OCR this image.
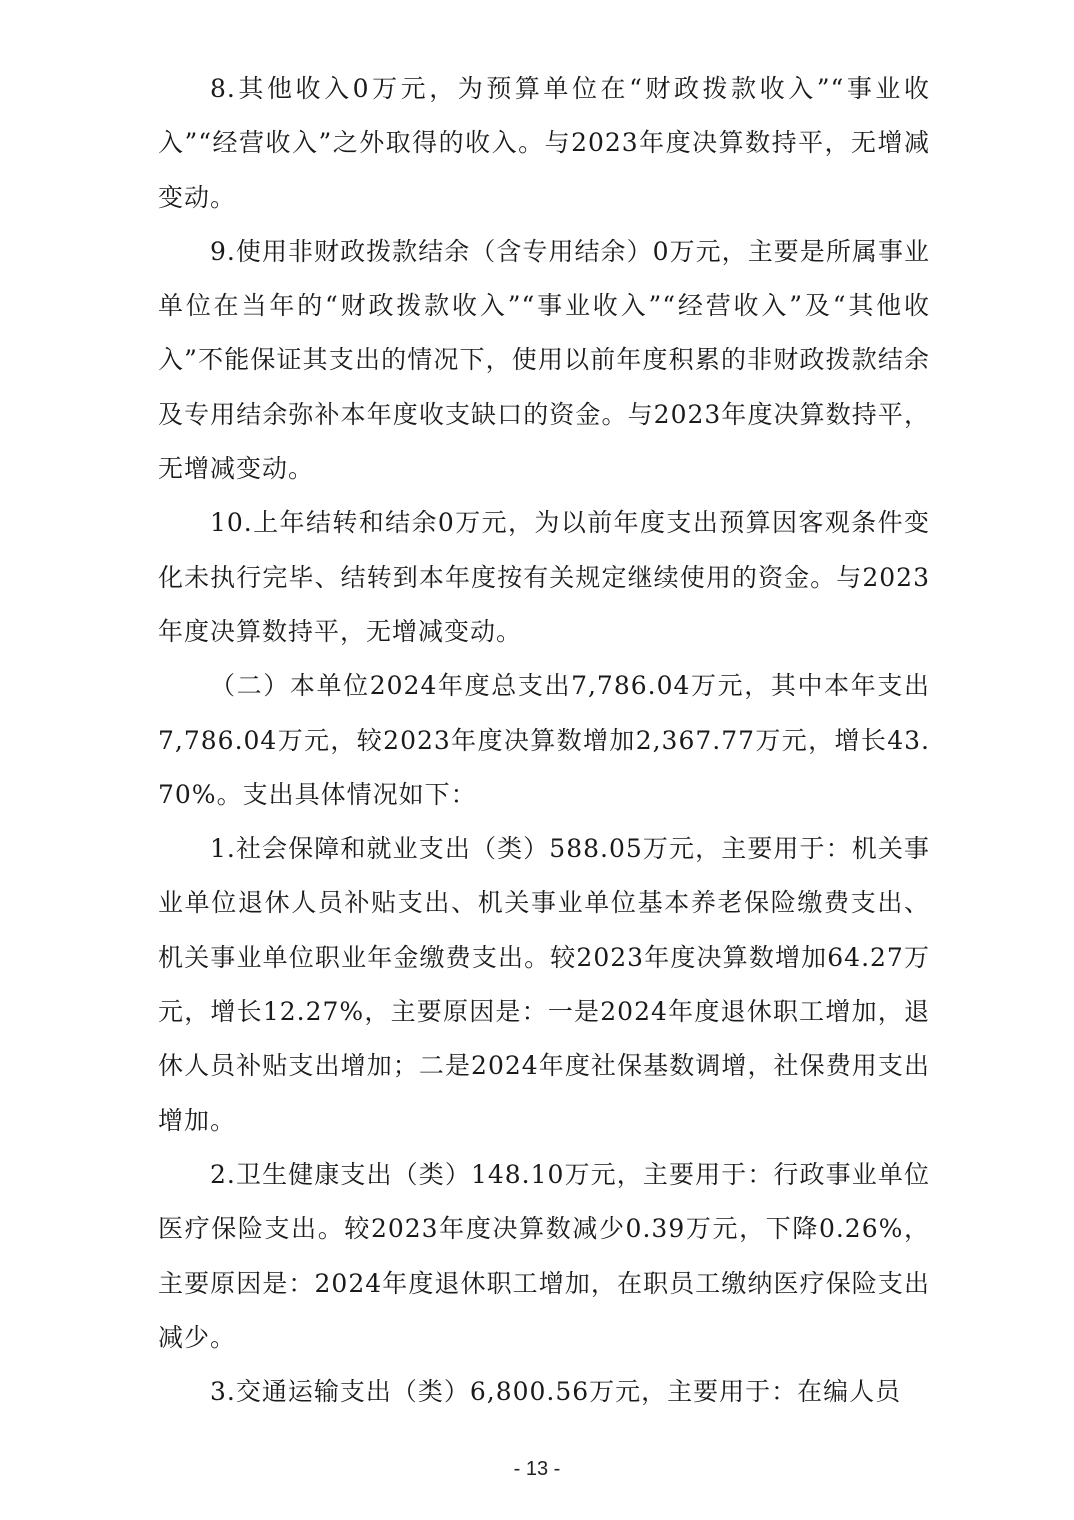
8.其他收入0万元，为预算单位在“财政拨款收入”“事业收入”“经营收入”之外取得的收入。与2023年度决算数持平，无增减变动。

9.使用非财政拨款结余（含专用结余）0万元，主要是所属事业单位在当年的“财政拨款收入”“事业收入”“经营收入”及“其他收入”不能保证其支出的情况下，使用以前年度积累的非财政拨款结余及专用结余弥补本年度收支缺口的资金。与2023年度决算数持平，无增减变动。

10.上年结转和结余0万元，为以前年度支出预算因客观条件变化未执行完毕、结转到本年度按有关规定继续使用的资金。与2023年度决算数持平，无增减变动。

（二）本单位2024年度总支出7,786.04万元，其中本年支出7,786.04万元，较2023年度决算数增加2,367.77万元，增长43.70%。支出具体情况如下：

1.社会保障和就业支出（类）588.05万元，主要用于：机关事业单位退休人员补贴支出、机关事业单位基本养老保险缴费支出、机关事业单位职业年金缴费支出。较2023年度决算数增加64.27万元，增长12.27%，主要原因是：一是2024年度退休职工增加，退休人员补贴支出增加；二是2024年度社保基数调增，社保费用支出增加。

2.卫生健康支出（类）148.10万元，主要用于：行政事业单位医疗保险支出。较2023年度决算数减少0.39万元，下降0.26%，主要原因是：2024年度退休职工增加，在职员工缴纳医疗保险支出减少。

3.交通运输支出（类）6,800.56万元，主要用于：在编人员

- 13 -
